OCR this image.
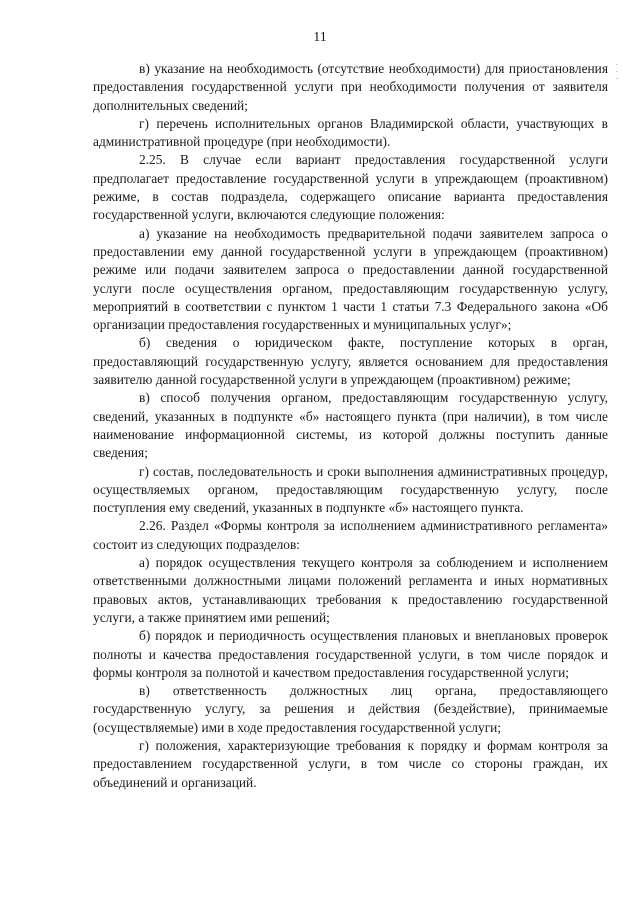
11
·
·
·

в) указание на необходимость (отсутствие необходимости) для приостановления предоставления государственной услуги при необходимости получения от заявителя дополнительных сведений;

г) перечень исполнительных органов Владимирской области, участвующих в административной процедуре (при необходимости).

2.25. В случае если вариант предоставления государственной услуги предполагает предоставление государственной услуги в упреждающем (проактивном) режиме, в состав подраздела, содержащего описание варианта предоставления государственной услуги, включаются следующие положения:

а) указание на необходимость предварительной подачи заявителем запроса о предоставлении ему данной государственной услуги в упреждающем (проактивном) режиме или подачи заявителем запроса о предоставлении данной государственной услуги после осуществления органом, предоставляющим государственную услугу, мероприятий в соответствии с пунктом 1 части 1 статьи 7.3 Федерального закона «Об организации предоставления государственных и муниципальных услуг»;

б) сведения о юридическом факте, поступление которых в орган, предоставляющий государственную услугу, является основанием для предоставления заявителю данной государственной услуги в упреждающем (проактивном) режиме;

в) способ получения органом, предоставляющим государственную услугу, сведений, указанных в подпункте «б» настоящего пункта (при наличии), в том числе наименование информационной системы, из которой должны поступить данные сведения;

г) состав, последовательность и сроки выполнения административных процедур, осуществляемых органом, предоставляющим государственную услугу, после поступления ему сведений, указанных в подпункте «б» настоящего пункта.

2.26. Раздел «Формы контроля за исполнением административного регламента» состоит из следующих подразделов:

а) порядок осуществления текущего контроля за соблюдением и исполнением ответственными должностными лицами положений регламента и иных нормативных правовых актов, устанавливающих требования к предоставлению государственной услуги, а также принятием ими решений;

б) порядок и периодичность осуществления плановых и внеплановых проверок полноты и качества предоставления государственной услуги, в том числе порядок и формы контроля за полнотой и качеством предоставления государственной услуги;

в) ответственность должностных лиц органа, предоставляющего государственную услугу, за решения и действия (бездействие), принимаемые (осуществляемые) ими в ходе предоставления государственной услуги;

г) положения, характеризующие требования к порядку и формам контроля за предоставлением государственной услуги, в том числе со стороны граждан, их объединений и организаций.
